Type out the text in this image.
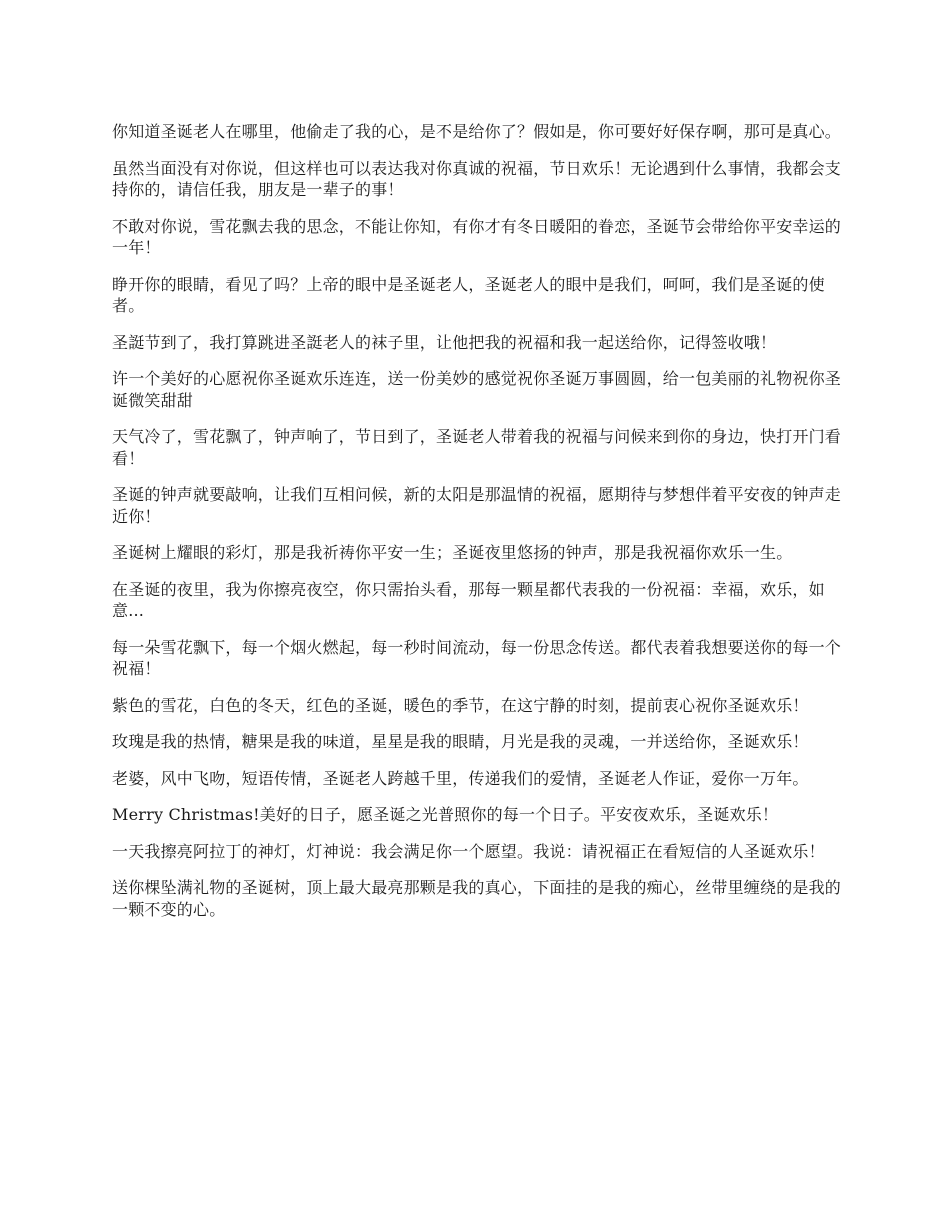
你知道圣诞老人在哪里，他偷走了我的心，是不是给你了？假如是，你可要好好保存啊，那可是真心。

虽然当面没有对你说，但这样也可以表达我对你真诚的祝福，节日欢乐！无论遇到什么事情，我都会支持你的，请信任我，朋友是一辈子的事！

不敢对你说，雪花飘去我的思念，不能让你知，有你才有冬日暖阳的眷恋，圣诞节会带给你平安幸运的一年！

睁开你的眼睛，看见了吗？上帝的眼中是圣诞老人，圣诞老人的眼中是我们，呵呵，我们是圣诞的使者。

圣誔节到了，我打算跳进圣誔老人的袜子里，让他把我的祝福和我一起送给你，记得签收哦！

许一个美好的心愿祝你圣诞欢乐连连，送一份美妙的感觉祝你圣诞万事圆圆，给一包美丽的礼物祝你圣诞微笑甜甜

天气冷了，雪花飘了，钟声响了，节日到了，圣诞老人带着我的祝福与问候来到你的身边，快打开门看看！

圣诞的钟声就要敲响，让我们互相问候，新的太阳是那温情的祝福，愿期待与梦想伴着平安夜的钟声走近你！

圣诞树上耀眼的彩灯，那是我祈祷你平安一生；圣诞夜里悠扬的钟声，那是我祝福你欢乐一生。

在圣诞的夜里，我为你擦亮夜空，你只需抬头看，那每一颗星都代表我的一份祝福：幸福，欢乐，如意...

每一朵雪花飘下，每一个烟火燃起，每一秒时间流动，每一份思念传送。都代表着我想要送你的每一个祝福！

紫色的雪花，白色的冬天，红色的圣诞，暖色的季节，在这宁静的时刻，提前衷心祝你圣诞欢乐！

玫瑰是我的热情，糖果是我的味道，星星是我的眼睛，月光是我的灵魂，一并送给你，圣诞欢乐！

老婆，风中飞吻，短语传情，圣诞老人跨越千里，传递我们的爱情，圣诞老人作证，爱你一万年。

Merry Christmas!美好的日子，愿圣诞之光普照你的每一个日子。平安夜欢乐，圣诞欢乐！

一天我擦亮阿拉丁的神灯，灯神说：我会满足你一个愿望。我说：请祝福正在看短信的人圣诞欢乐！

送你棵坠满礼物的圣诞树，顶上最大最亮那颗是我的真心，下面挂的是我的痴心，丝带里缠绕的是我的一颗不变的心。
